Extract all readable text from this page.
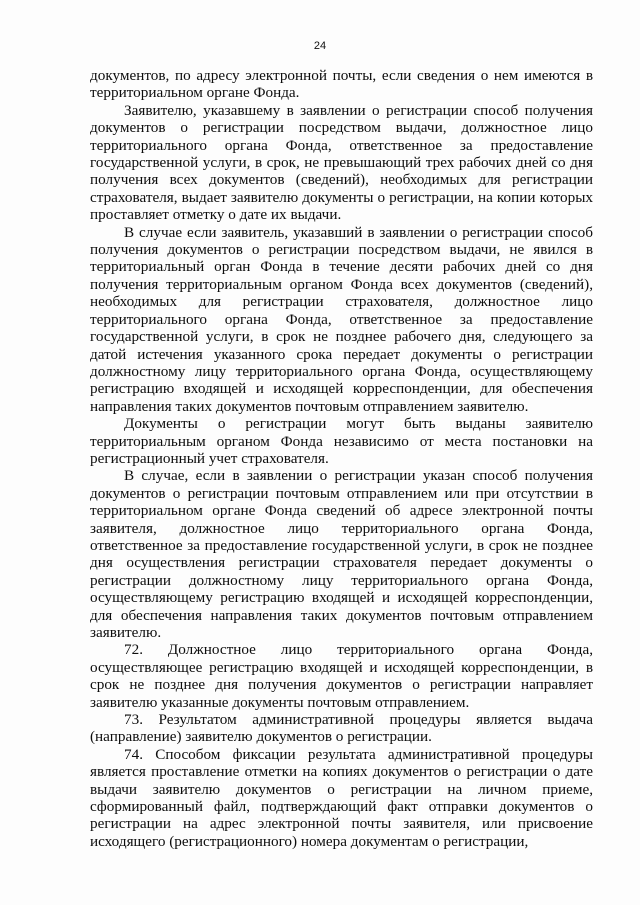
24

документов, по адресу электронной почты, если сведения о нем имеются в территориальном органе Фонда.

Заявителю, указавшему в заявлении о регистрации способ получения документов о регистрации посредством выдачи, должностное лицо территориального органа Фонда, ответственное за предоставление государственной услуги, в срок, не превышающий трех рабочих дней со дня получения всех документов (сведений), необходимых для регистрации страхователя, выдает заявителю документы о регистрации, на копии которых проставляет отметку о дате их выдачи.

В случае если заявитель, указавший в заявлении о регистрации способ получения документов о регистрации посредством выдачи, не явился в территориальный орган Фонда в течение десяти рабочих дней со дня получения территориальным органом Фонда всех документов (сведений), необходимых для регистрации страхователя, должностное лицо территориального органа Фонда, ответственное за предоставление государственной услуги, в срок не позднее рабочего дня, следующего за датой истечения указанного срока передает документы о регистрации должностному лицу территориального органа Фонда, осуществляющему регистрацию входящей и исходящей корреспонденции, для обеспечения направления таких документов почтовым отправлением заявителю.

Документы о регистрации могут быть выданы заявителю территориальным органом Фонда независимо от места постановки на регистрационный учет страхователя.

В случае, если в заявлении о регистрации указан способ получения документов о регистрации почтовым отправлением или при отсутствии в территориальном органе Фонда сведений об адресе электронной почты заявителя, должностное лицо территориального органа Фонда, ответственное за предоставление государственной услуги, в срок не позднее дня осуществления регистрации страхователя передает документы о регистрации должностному лицу территориального органа Фонда, осуществляющему регистрацию входящей и исходящей корреспонденции, для обеспечения направления таких документов почтовым отправлением заявителю.

72. Должностное лицо территориального органа Фонда, осуществляющее регистрацию входящей и исходящей корреспонденции, в срок не позднее дня получения документов о регистрации направляет заявителю указанные документы почтовым отправлением.

73. Результатом административной процедуры является выдача (направление) заявителю документов о регистрации.

74. Способом фиксации результата административной процедуры является проставление отметки на копиях документов о регистрации о дате выдачи заявителю документов о регистрации на личном приеме, сформированный файл, подтверждающий факт отправки документов о регистрации на адрес электронной почты заявителя, или присвоение исходящего (регистрационного) номера документам о регистрации,
